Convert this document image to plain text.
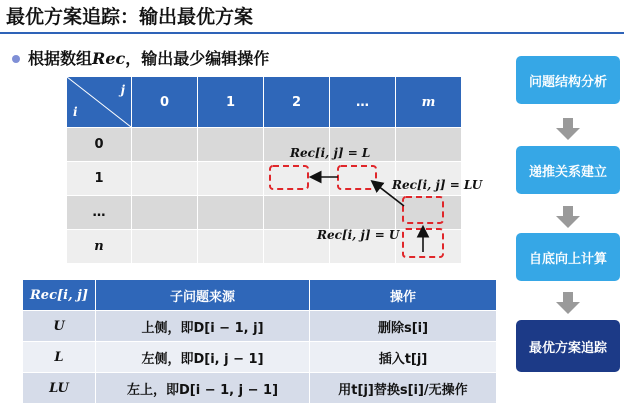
最优方案追踪：输出最优方案
根据数组Rec，输出最少编辑操作
j
i	0	1	2	…	m
0					
1					
…					
n					
Rec[i, j] = L
Rec[i, j] = LU
Rec[i, j] = U
Rec[i, j]	子问题来源	操作
U	上侧，即D[i − 1, j]	删除s[i]
L	左侧，即D[i, j − 1]	插入t[j]
LU	左上，即D[i − 1, j − 1]	用t[j]替换s[i]/无操作
问题结构分析
递推关系建立
自底向上计算
最优方案追踪
